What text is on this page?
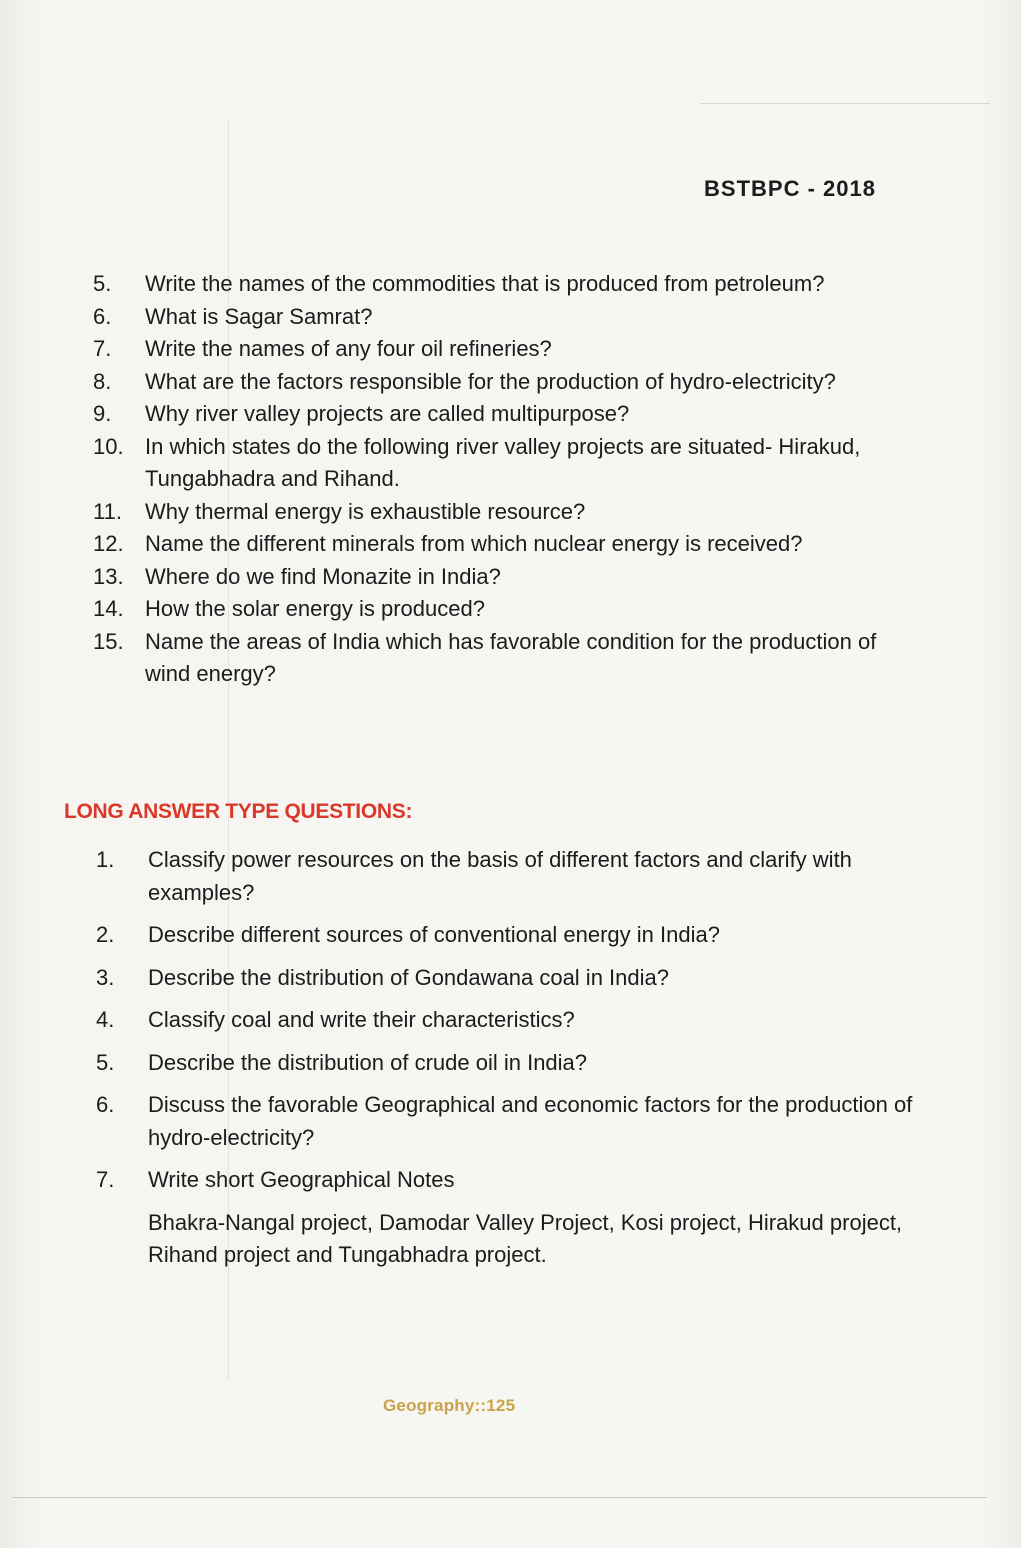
BSTBPC - 2018
5. Write the names of the commodities that is produced from petroleum?
6. What is Sagar Samrat?
7. Write the names of any four oil refineries?
8. What are the factors responsible for the production of hydro-electricity?
9. Why river valley projects are called multipurpose?
10. In which states do the following river valley projects are situated- Hirakud, Tungabhadra and Rihand.
11. Why thermal energy is exhaustible resource?
12. Name the different minerals from which nuclear energy is received?
13. Where do we find Monazite in India?
14. How the solar energy is produced?
15. Name the areas of India which has favorable condition for the production of wind energy?
LONG ANSWER TYPE QUESTIONS:
1. Classify power resources on the basis of different factors and clarify with examples?
2. Describe different sources of conventional energy in India?
3. Describe the distribution of Gondawana coal in India?
4. Classify coal and write their characteristics?
5. Describe the distribution of crude oil in India?
6. Discuss the favorable Geographical and economic factors for the production of hydro-electricity?
7. Write short Geographical Notes
Bhakra-Nangal project, Damodar Valley Project, Kosi project, Hirakud project, Rihand project and Tungabhadra project.
Geography::125
